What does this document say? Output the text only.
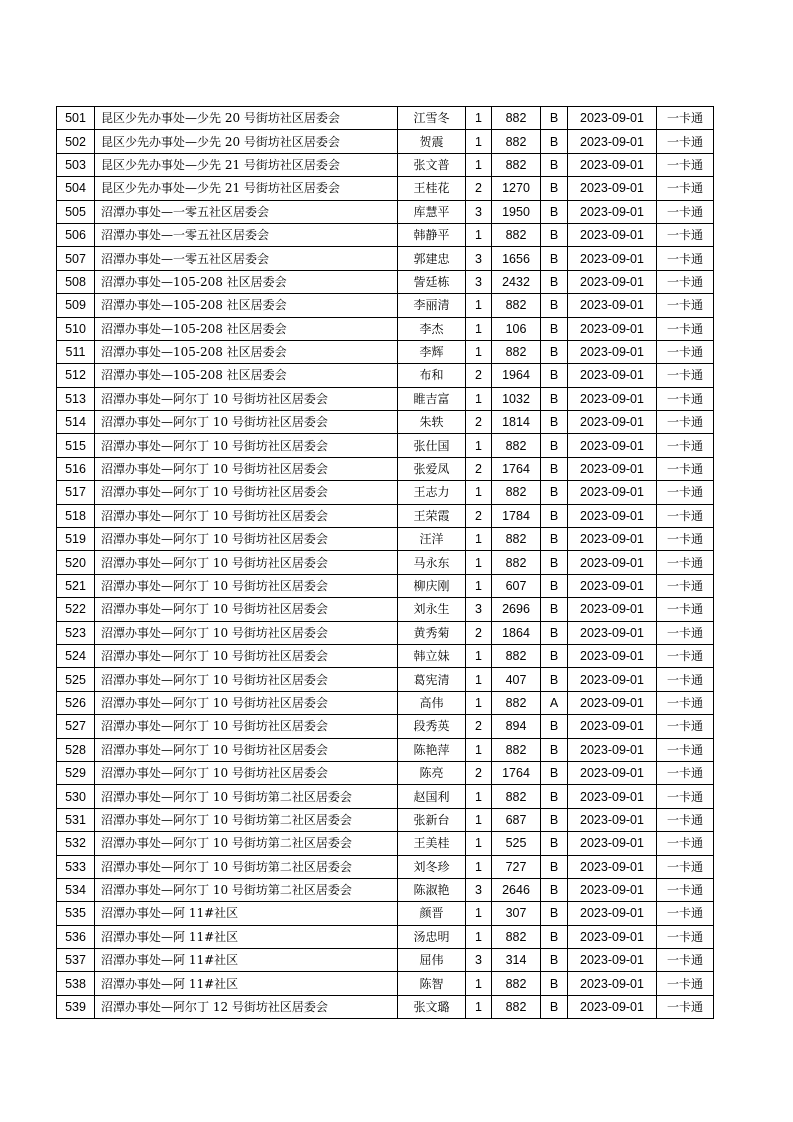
501	昆区少先办事处—少先 20 号街坊社区居委会	江雪冬	1	882	B	2023-09-01	一卡通
502	昆区少先办事处—少先 20 号街坊社区居委会	贺震	1	882	B	2023-09-01	一卡通
503	昆区少先办事处—少先 21 号街坊社区居委会	张文普	1	882	B	2023-09-01	一卡通
504	昆区少先办事处—少先 21 号街坊社区居委会	王桂花	2	1270	B	2023-09-01	一卡通
505	沼潭办事处—一零五社区居委会	库慧平	3	1950	B	2023-09-01	一卡通
506	沼潭办事处—一零五社区居委会	韩静平	1	882	B	2023-09-01	一卡通
507	沼潭办事处—一零五社区居委会	郭建忠	3	1656	B	2023-09-01	一卡通
508	沼潭办事处—105-208 社区居委会	訾廷栋	3	2432	B	2023-09-01	一卡通
509	沼潭办事处—105-208 社区居委会	李丽清	1	882	B	2023-09-01	一卡通
510	沼潭办事处—105-208 社区居委会	李杰	1	106	B	2023-09-01	一卡通
511	沼潭办事处—105-208 社区居委会	李辉	1	882	B	2023-09-01	一卡通
512	沼潭办事处—105-208 社区居委会	布和	2	1964	B	2023-09-01	一卡通
513	沼潭办事处—阿尔丁 10 号街坊社区居委会	睢吉富	1	1032	B	2023-09-01	一卡通
514	沼潭办事处—阿尔丁 10 号街坊社区居委会	朱轶	2	1814	B	2023-09-01	一卡通
515	沼潭办事处—阿尔丁 10 号街坊社区居委会	张仕国	1	882	B	2023-09-01	一卡通
516	沼潭办事处—阿尔丁 10 号街坊社区居委会	张爱凤	2	1764	B	2023-09-01	一卡通
517	沼潭办事处—阿尔丁 10 号街坊社区居委会	王志力	1	882	B	2023-09-01	一卡通
518	沼潭办事处—阿尔丁 10 号街坊社区居委会	王荣霞	2	1784	B	2023-09-01	一卡通
519	沼潭办事处—阿尔丁 10 号街坊社区居委会	汪洋	1	882	B	2023-09-01	一卡通
520	沼潭办事处—阿尔丁 10 号街坊社区居委会	马永东	1	882	B	2023-09-01	一卡通
521	沼潭办事处—阿尔丁 10 号街坊社区居委会	柳庆刚	1	607	B	2023-09-01	一卡通
522	沼潭办事处—阿尔丁 10 号街坊社区居委会	刘永生	3	2696	B	2023-09-01	一卡通
523	沼潭办事处—阿尔丁 10 号街坊社区居委会	黄秀菊	2	1864	B	2023-09-01	一卡通
524	沼潭办事处—阿尔丁 10 号街坊社区居委会	韩立妹	1	882	B	2023-09-01	一卡通
525	沼潭办事处—阿尔丁 10 号街坊社区居委会	葛宪清	1	407	B	2023-09-01	一卡通
526	沼潭办事处—阿尔丁 10 号街坊社区居委会	高伟	1	882	A	2023-09-01	一卡通
527	沼潭办事处—阿尔丁 10 号街坊社区居委会	段秀英	2	894	B	2023-09-01	一卡通
528	沼潭办事处—阿尔丁 10 号街坊社区居委会	陈艳萍	1	882	B	2023-09-01	一卡通
529	沼潭办事处—阿尔丁 10 号街坊社区居委会	陈亮	2	1764	B	2023-09-01	一卡通
530	沼潭办事处—阿尔丁 10 号街坊第二社区居委会	赵国利	1	882	B	2023-09-01	一卡通
531	沼潭办事处—阿尔丁 10 号街坊第二社区居委会	张新台	1	687	B	2023-09-01	一卡通
532	沼潭办事处—阿尔丁 10 号街坊第二社区居委会	王美桂	1	525	B	2023-09-01	一卡通
533	沼潭办事处—阿尔丁 10 号街坊第二社区居委会	刘冬珍	1	727	B	2023-09-01	一卡通
534	沼潭办事处—阿尔丁 10 号街坊第二社区居委会	陈淑艳	3	2646	B	2023-09-01	一卡通
535	沼潭办事处—阿 11#社区	颜晋	1	307	B	2023-09-01	一卡通
536	沼潭办事处—阿 11#社区	汤忠明	1	882	B	2023-09-01	一卡通
537	沼潭办事处—阿 11#社区	屈伟	3	314	B	2023-09-01	一卡通
538	沼潭办事处—阿 11#社区	陈智	1	882	B	2023-09-01	一卡通
539	沼潭办事处—阿尔丁 12 号街坊社区居委会	张文璐	1	882	B	2023-09-01	一卡通
